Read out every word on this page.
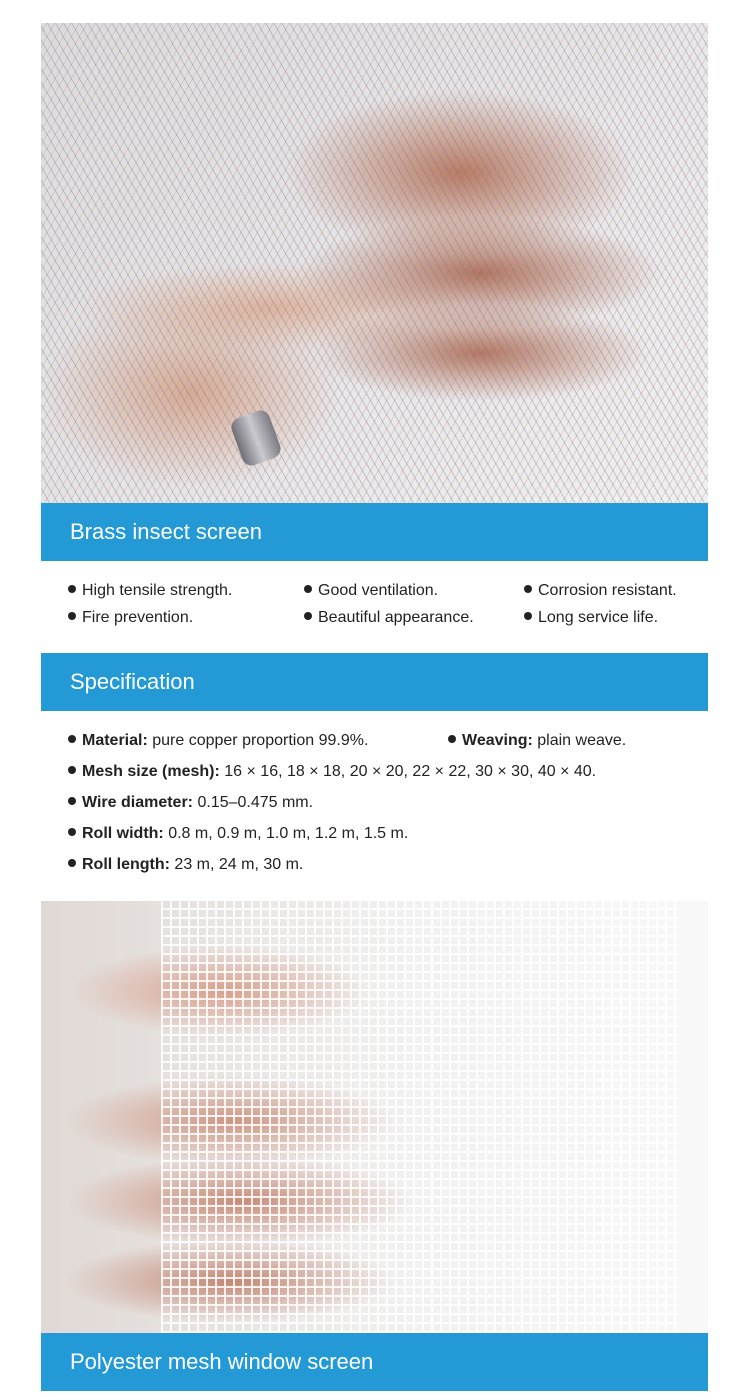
Brass insect screen
High tensile strength.	Good ventilation.	Corrosion resistant.
Fire prevention.	Beautiful appearance.	Long service life.
Specification
Material: pure copper proportion 99.9%.	Weaving: plain weave.
Mesh size (mesh): 16 × 16, 18 × 18, 20 × 20, 22 × 22, 30 × 30, 40 × 40.
Wire diameter: 0.15–0.475 mm.
Roll width: 0.8 m, 0.9 m, 1.0 m, 1.2 m, 1.5 m.
Roll length: 23 m, 24 m, 30 m.
Polyester mesh window screen
